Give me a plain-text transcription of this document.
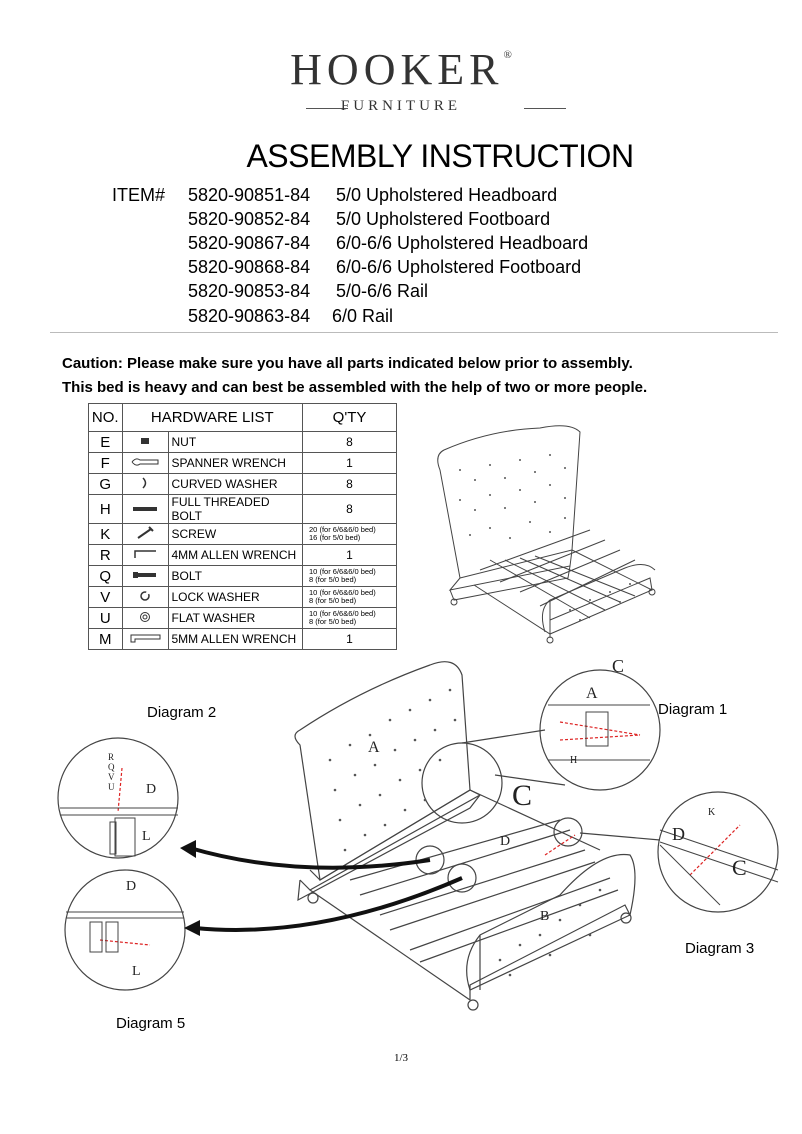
HOOKER®
FURNITURE
ASSEMBLY INSTRUCTION
ITEM# 5820-90851-84 5/0 Upholstered Headboard
5820-90852-84 5/0 Upholstered Footboard
5820-90867-84 6/0-6/6 Upholstered Headboard
5820-90868-84 6/0-6/6 Upholstered Footboard
5820-90853-84 5/0-6/6 Rail
5820-90863-84 6/0 Rail
Caution: Please make sure you have all parts indicated below prior to assembly.
This bed is heavy and can best be assembled with the help of two or more people.
NO.	HARDWARE LIST		Q'TY
E		NUT	8
F		SPANNER WRENCH	1
G		CURVED WASHER	8
H		FULL THREADED BOLT	8
K		SCREW	20 (for 6/6&6/0 bed)
16 (for 5/0 bed)

R		4MM ALLEN WRENCH	1
Q		BOLT	10 (for 6/6&6/0 bed)
8 (for 5/0 bed)

V		LOCK WASHER	10 (for 6/6&6/0 bed)
8 (for 5/0 bed)

U		FLAT WASHER	10 (for 6/6&6/0 bed)
8 (for 5/0 bed)

M		5MM ALLEN WRENCH	1
A
B
C
D
C
A
H
R
Q
V
U D
L
K
D
C
D
L
Diagram 2	Diagram 1
Diagram 3
Diagram 5
1/3
